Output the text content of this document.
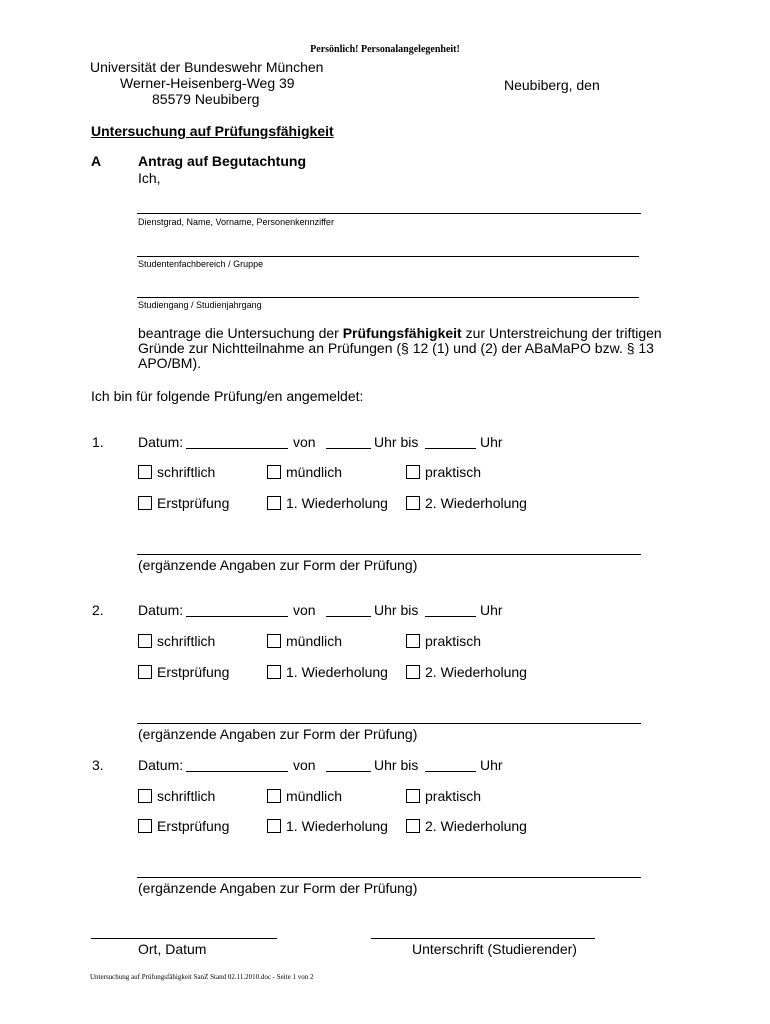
Persönlich! Personalangelegenheit!
Universität der Bundeswehr München
Werner-Heisenberg-Weg 39
85579 Neubiberg
Neubiberg, den
Untersuchung auf Prüfungsfähigkeit
A	Antrag auf Begutachtung
Ich,
Dienstgrad, Name, Vorname, Personenkennziffer
Studentenfachbereich / Gruppe
Studiengang / Studienjahrgang
beantrage die Untersuchung der Prüfungsfähigkeit zur Unterstreichung der triftigen Gründe zur Nichtteilnahme an Prüfungen (§ 12 (1) und (2) der ABaMaPO bzw. § 13 APO/BM).
Ich bin für folgende Prüfung/en angemeldet:
1. Datum:	von	Uhr bis	Uhr
schriftlich	mündlich	praktisch
Erstprüfung	1. Wiederholung	2. Wiederholung
(ergänzende Angaben zur Form der Prüfung)
2. Datum:	von	Uhr bis	Uhr
schriftlich	mündlich	praktisch
Erstprüfung	1. Wiederholung	2. Wiederholung
(ergänzende Angaben zur Form der Prüfung)
3. Datum:	von	Uhr bis	Uhr
schriftlich	mündlich	praktisch
Erstprüfung	1. Wiederholung	2. Wiederholung
(ergänzende Angaben zur Form der Prüfung)
Ort, Datum	Unterschrift (Studierender)
Untersuchung auf Prüfungsfähigkeit SanZ Stand 02.11.2010.doc - Seite 1 von 2
